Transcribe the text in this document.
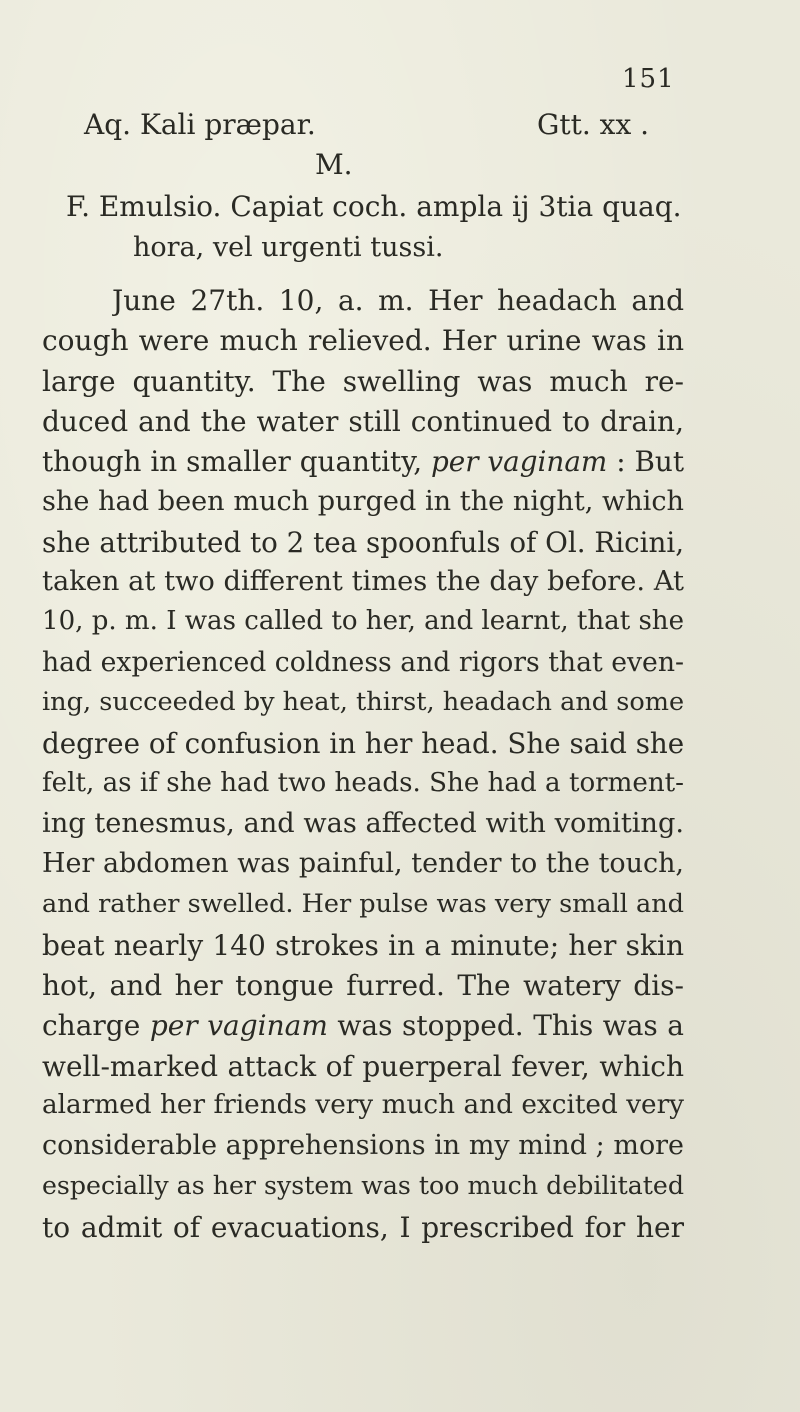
151
Aq. Kali præpar.	Gtt. xx .
M.
F. Emulsio. Capiat coch. ampla ij 3tia quaq.
hora, vel urgenti tussi.
June 27th. 10, a. m. Her headach and
cough were much relieved. Her urine was in
large quantity. The swelling was much re-
duced and the water still continued to drain,
though in smaller quantity, per vaginam : But
she had been much purged in the night, which
she attributed to 2 tea spoonfuls of Ol. Ricini,
taken at two different times the day before. At
10, p. m. I was called to her, and learnt, that she
had experienced coldness and rigors that even-
ing, succeeded by heat, thirst, headach and some
degree of confusion in her head. She said she
felt, as if she had two heads. She had a torment-
ing tenesmus, and was affected with vomiting.
Her abdomen was painful, tender to the touch,
and rather swelled. Her pulse was very small and
beat nearly 140 strokes in a minute; her skin
hot, and her tongue furred. The watery dis-
charge per vaginam was stopped. This was a
well-marked attack of puerperal fever, which
alarmed her friends very much and excited very
considerable apprehensions in my mind ; more
especially as her system was too much debilitated
to admit of evacuations, I prescribed for her
